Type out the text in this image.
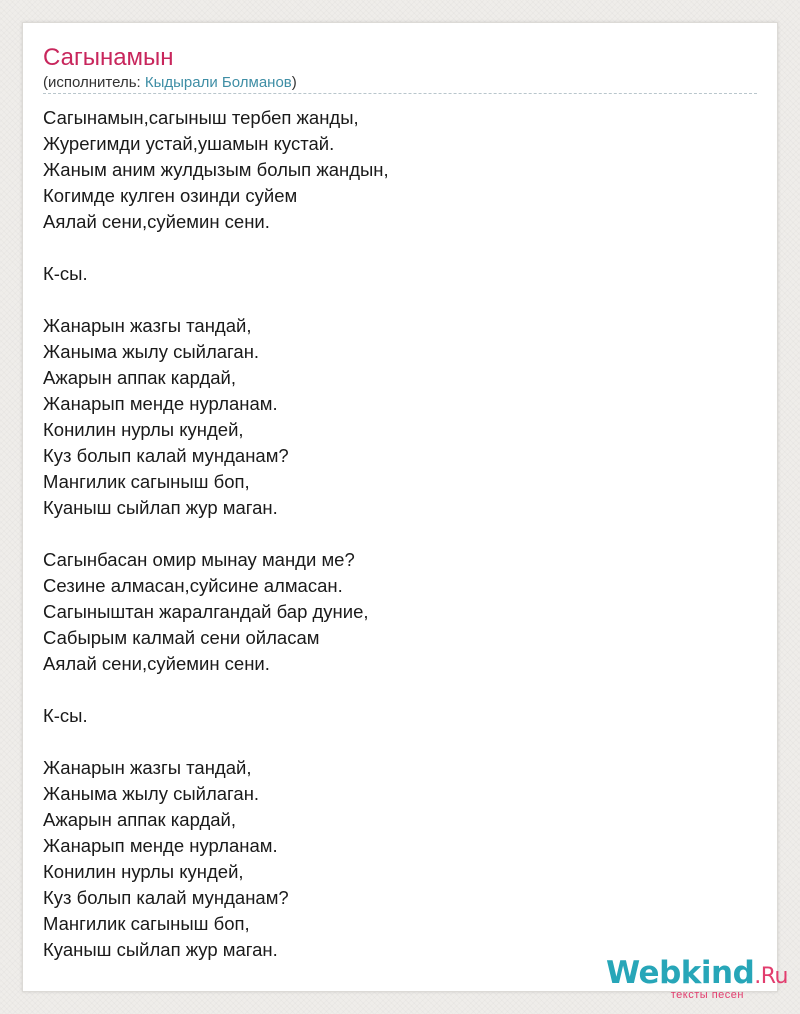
Сагынамын
(исполнитель: Кыдырали Болманов)
Сагынамын,сагыныш тербеп жанды,
Журегимди устай,ушамын кустай.
Жаным аним жулдызым болып жандын,
Когимде кулген озинди суйем
Аялай сени,суйемин сени.
К-сы.
Жанарын жазгы тандай,
Жаныма жылу сыйлаган.
Ажарын аппак кардай,
Жанарып менде нурланам.
Конилин нурлы кундей,
Куз болып калай мунданам?
Мангилик сагыныш боп,
Куаныш сыйлап жур маган.
Сагынбасан омир мынау манди ме?
Сезине алмасан,суйсине алмасан.
Сагыныштан жаралгандай бар дуние,
Сабырым калмай сени ойласам
Аялай сени,суйемин сени.
К-сы.
Жанарын жазгы тандай,
Жаныма жылу сыйлаган.
Ажарын аппак кардай,
Жанарып менде нурланам.
Конилин нурлы кундей,
Куз болып калай мунданам?
Мангилик сагыныш боп,
Куаныш сыйлап жур маган.
Webkind.Ru
тексты песен
